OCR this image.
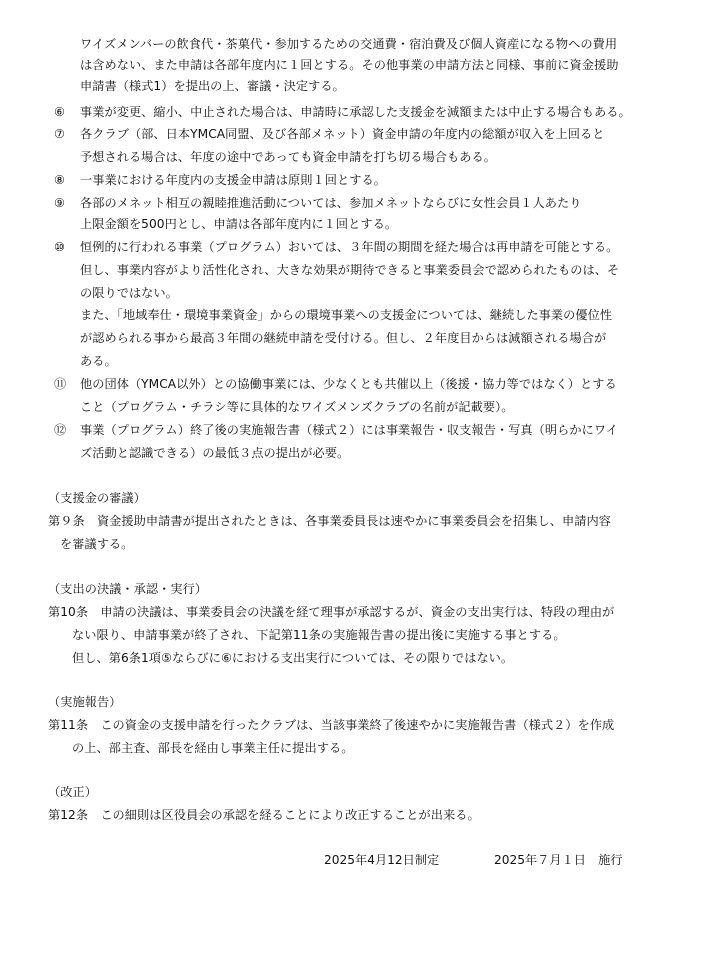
ワイズメンバーの飲食代・茶菓代・参加するための交通費・宿泊費及び個人資産になる物への費用
は含めない、また申請は各部年度内に１回とする。その他事業の申請方法と同様、事前に資金援助
申請書（様式1）を提出の上、審議・決定する。
⑥ 事業が変更、縮小、中止された場合は、申請時に承認した支援金を減額または中止する場合もある。
⑦ 各クラブ（部、日本YMCA同盟、及び各部メネット）資金申請の年度内の総額が収入を上回ると
予想される場合は、年度の途中であっても資金申請を打ち切る場合もある。
⑧ 一事業における年度内の支援金申請は原則１回とする。
⑨ 各部のメネット相互の親睦推進活動については、参加メネットならびに女性会員１人あたり
上限金額を500円とし、申請は各部年度内に１回とする。
⑩ 恒例的に行われる事業（プログラム）おいては、３年間の期間を経た場合は再申請を可能とする。
但し、事業内容がより活性化され、大きな効果が期待できると事業委員会で認められたものは、そ
の限りではない。
また、「地域奉仕・環境事業資金」からの環境事業への支援金については、継続した事業の優位性
が認められる事から最高３年間の継続申請を受付ける。但し、２年度目からは減額される場合が
ある。
⑪ 他の団体（YMCA以外）との協働事業には、少なくとも共催以上（後援・協力等ではなく）とする
こと（プログラム・チラシ等に具体的なワイズメンズクラブの名前が記載要）。
⑫ 事業（プログラム）終了後の実施報告書（様式２）には事業報告・収支報告・写真（明らかにワイ
ズ活動と認識できる）の最低３点の提出が必要。
（支援金の審議）
第９条　資金援助申請書が提出されたときは、各事業委員長は速やかに事業委員会を招集し、申請内容
を審議する。
（支出の決議・承認・実行）
第10条　申請の決議は、事業委員会の決議を経て理事が承認するが、資金の支出実行は、特段の理由が
ない限り、申請事業が終了され、下記第11条の実施報告書の提出後に実施する事とする。
但し、第6条1項⑤ならびに⑥における支出実行については、その限りではない。
（実施報告）
第11条　この資金の支援申請を行ったクラブは、当該事業終了後速やかに実施報告書（様式２）を作成
の上、部主査、部長を経由し事業主任に提出する。
（改正）
第12条　この細則は区役員会の承認を経ることにより改正することが出来る。
2025年4月12日制定	2025年７月１日　施行
